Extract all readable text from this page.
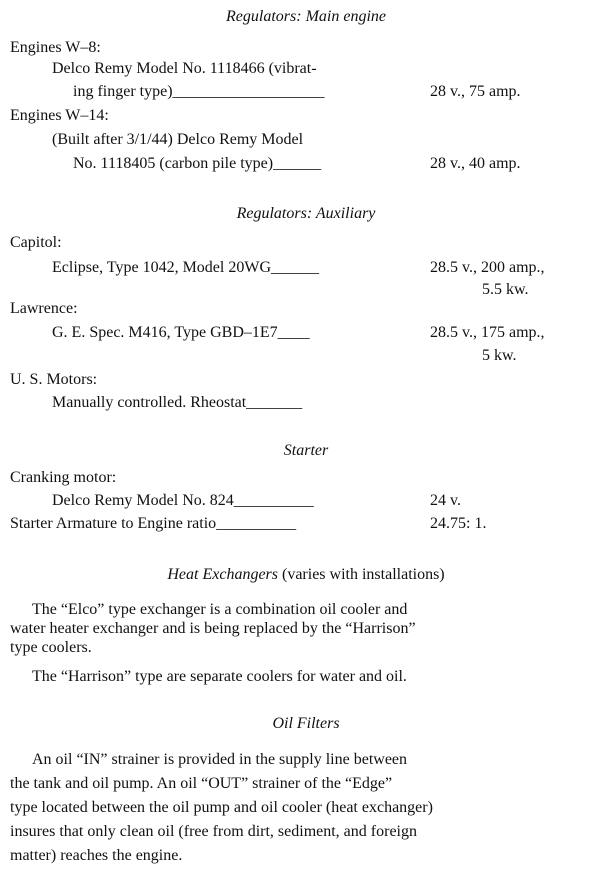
Regulators: Main engine
Engines W–8:
Delco Remy Model No. 1118466 (vibrat-
ing finger type)___________________	28 v., 75 amp.
Engines W–14:
(Built after 3/1/44) Delco Remy Model
No. 1118405 (carbon pile type)______	28 v., 40 amp.
Regulators: Auxiliary
Capitol:
Eclipse, Type 1042, Model 20WG______	28.5 v., 200 amp.,
5.5 kw.
Lawrence:
G. E. Spec. M416, Type GBD–1E7____	28.5 v., 175 amp.,
5 kw.
U. S. Motors:
Manually controlled. Rheostat_______
Starter
Cranking motor:
Delco Remy Model No. 824__________	24 v.
Starter Armature to Engine ratio__________	24.75: 1.
Heat Exchangers (varies with installations)
The “Elco” type exchanger is a combination oil cooler and
water heater exchanger and is being replaced by the “Harrison”
type coolers.
The “Harrison” type are separate coolers for water and oil.
Oil Filters
An oil “IN” strainer is provided in the supply line between
the tank and oil pump. An oil “OUT” strainer of the “Edge”
type located between the oil pump and oil cooler (heat exchanger)
insures that only clean oil (free from dirt, sediment, and foreign
matter) reaches the engine.
